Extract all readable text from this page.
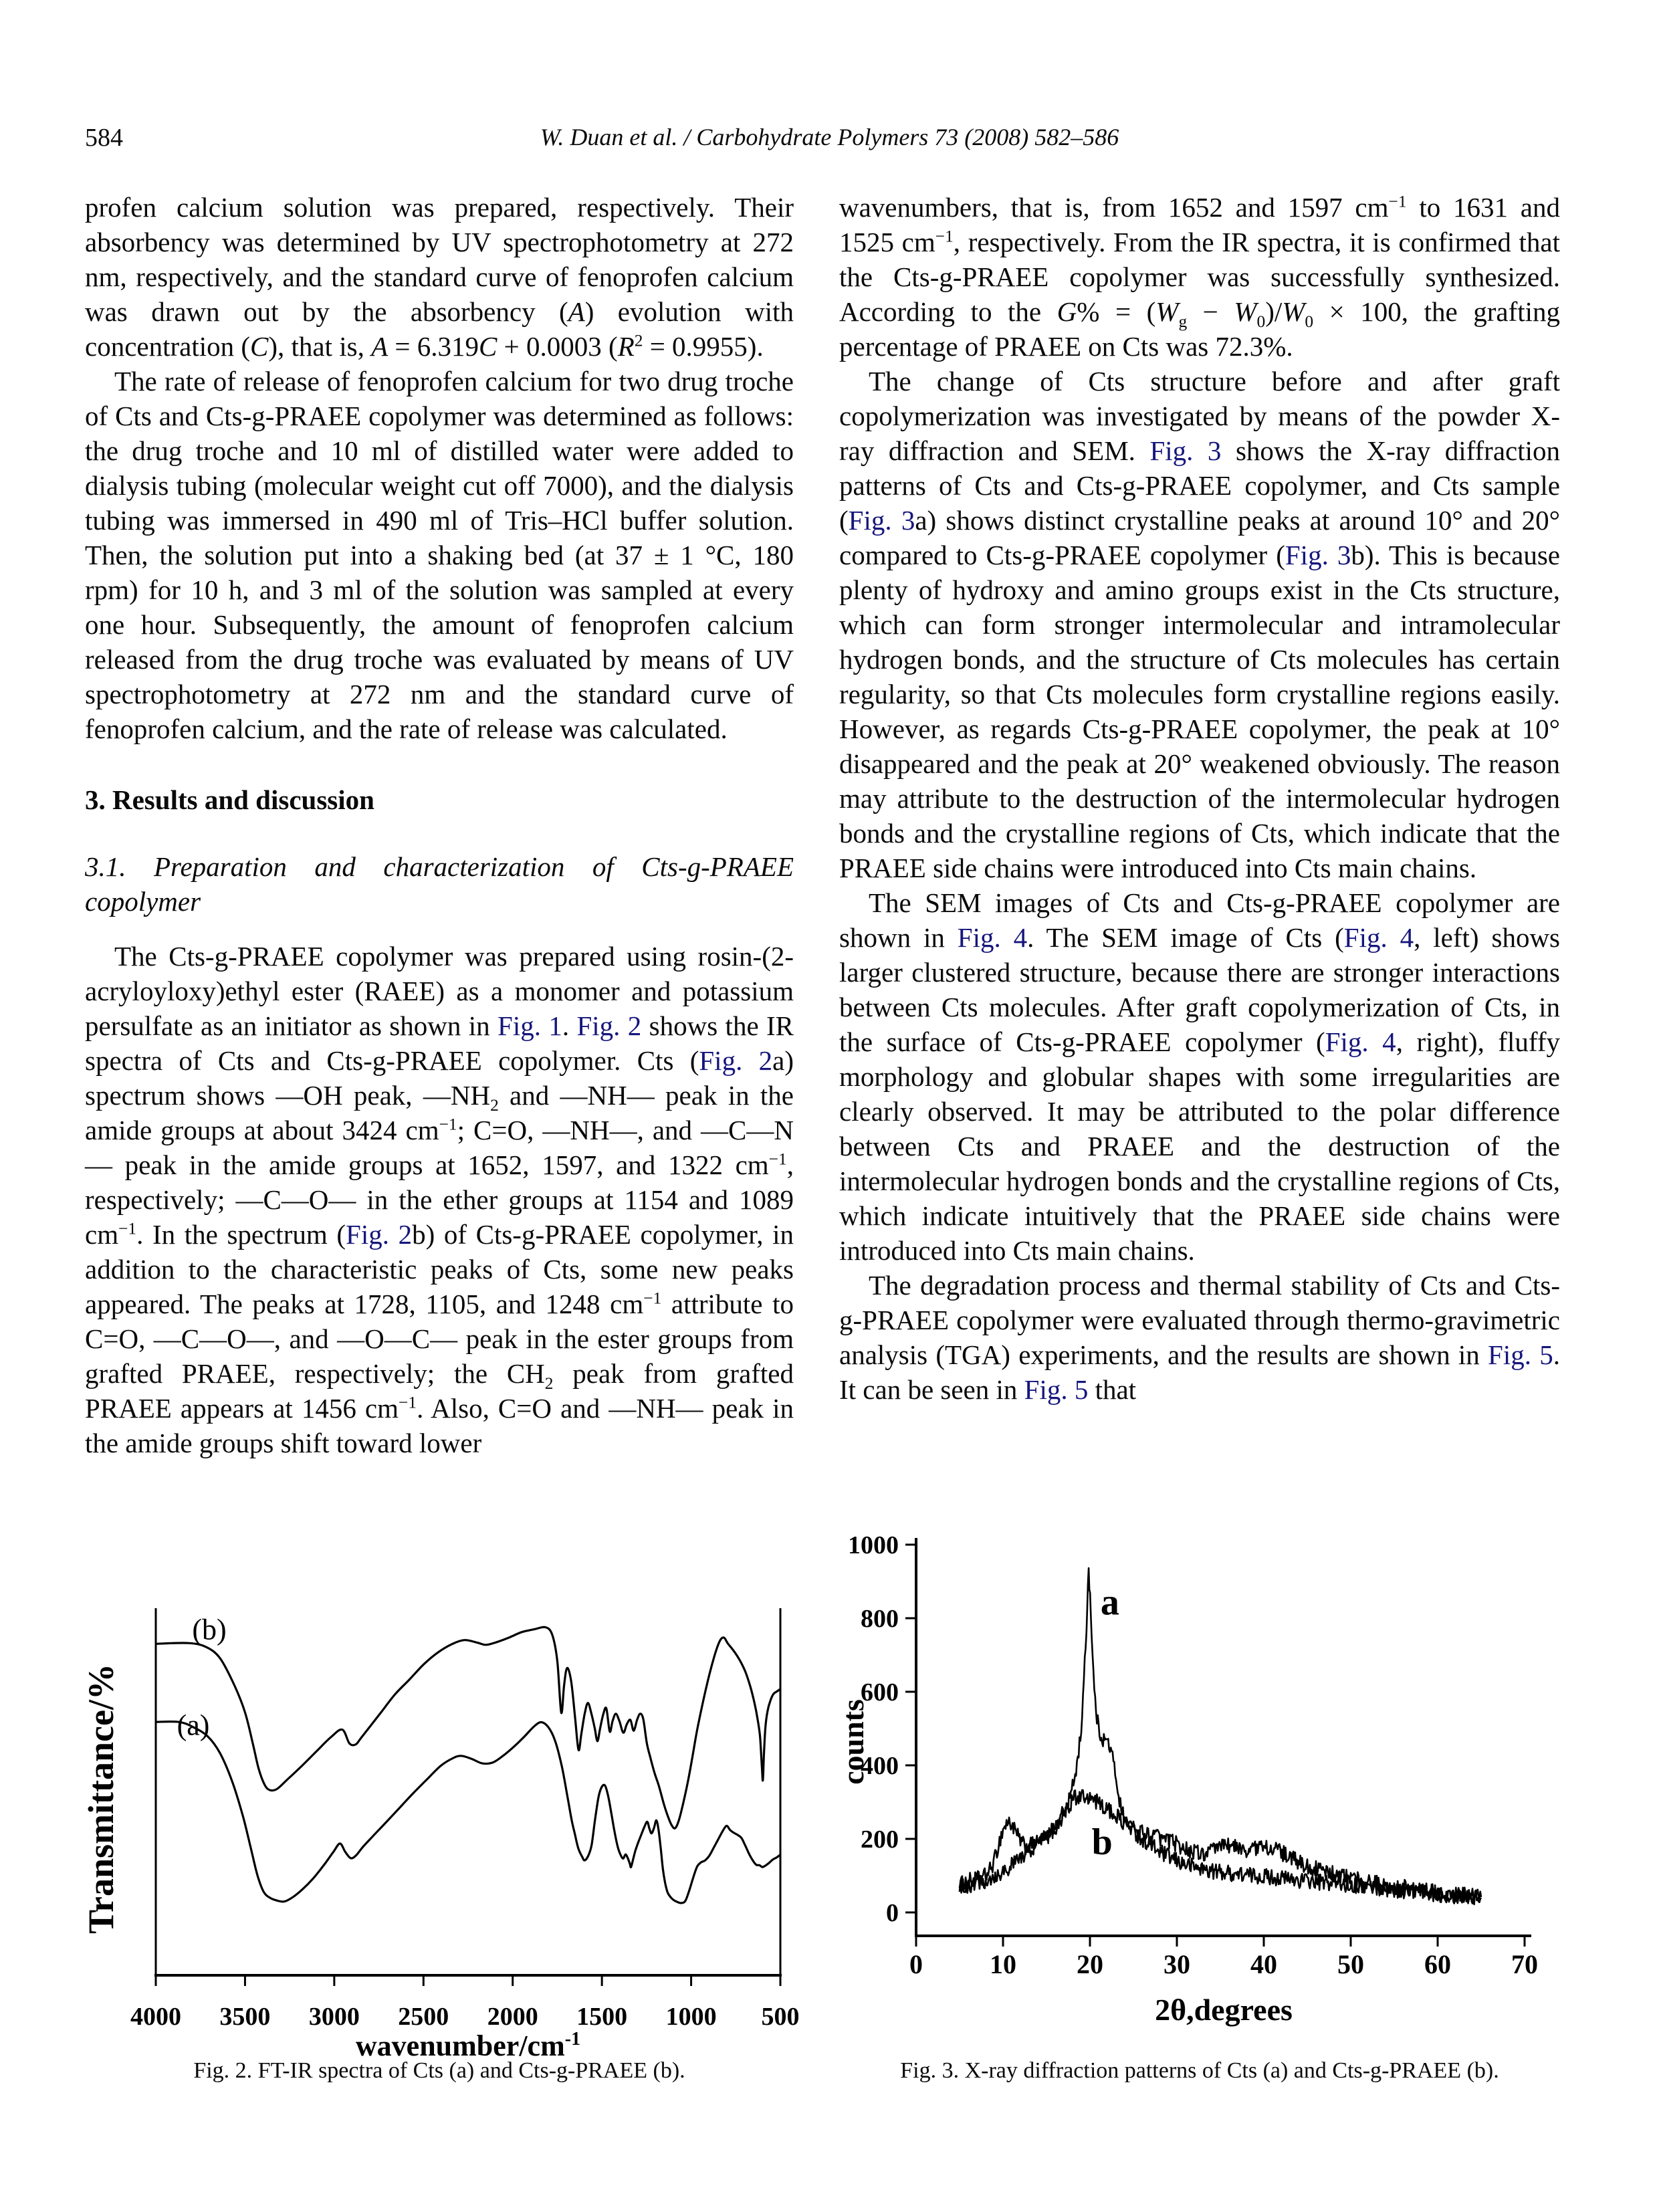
584	W. Duan et al. / Carbohydrate Polymers 73 (2008) 582–586

profen calcium solution was prepared, respectively. Their absorbency was determined by UV spectrophotometry at 272 nm, respectively, and the standard curve of fenoprofen calcium was drawn out by the absorbency (A) evolution with concentration (C), that is, A = 6.319C + 0.0003 $(R^2 = 0.9955)$.

The rate of release of fenoprofen calcium for two drug troche of Cts and Cts-g-PRAEE copolymer was determined as follows: the drug troche and 10 ml of distilled water were added to dialysis tubing (molecular weight cut off 7000), and the dialysis tubing was immersed in 490 ml of Tris–HCl buffer solution. Then, the solution put into a shaking bed (at 37 ± 1 °C, 180 rpm) for 10 h, and 3 ml of the solution was sampled at every one hour. Subsequently, the amount of fenoprofen calcium released from the drug troche was evaluated by means of UV spectrophotometry at 272 nm and the standard curve of fenoprofen calcium, and the rate of release was calculated.

3. Results and discussion
3.1. Preparation and characterization of Cts-g-PRAEE copolymer

The Cts-g-PRAEE copolymer was prepared using rosin-(2-acryloyloxy)ethyl ester (RAEE) as a monomer and potassium persulfate as an initiator as shown in Fig. 1. Fig. 2 shows the IR spectra of Cts and Cts-g-PRAEE copolymer. Cts (Fig. 2a) spectrum shows —OH peak, $—NH_2$ and —NH— peak in the amide groups at about 3424 $cm^{-1}$; C=O, —NH—, and —C—N— peak in the amide groups at 1652, 1597, and 1322 $cm^{-1}$, respectively; —C—O— in the ether groups at 1154 and 1089 $cm^{-1}$. In the spectrum (Fig. 2b) of Cts-g-PRAEE copolymer, in addition to the characteristic peaks of Cts, some new peaks appeared. The peaks at 1728, 1105, and 1248 $cm^{-1}$ attribute to C=O, —C—O—, and —O—C— peak in the ester groups from grafted PRAEE, respectively; the $CH_2$ peak from grafted PRAEE appears at 1456 $cm^{-1}$. Also, C=O and —NH— peak in the amide groups shift toward lower

wavenumbers, that is, from 1652 and 1597 $cm^{-1}$ to 1631 and 1525 $cm^{-1}$, respectively. From the IR spectra, it is confirmed that the Cts-g-PRAEE copolymer was successfully synthesized. According to the $G\% = (W_g - W_0)/W_0 \times 100$, the grafting percentage of PRAEE on Cts was 72.3%.

The change of Cts structure before and after graft copolymerization was investigated by means of the powder X-ray diffraction and SEM. Fig. 3 shows the X-ray diffraction patterns of Cts and Cts-g-PRAEE copolymer, and Cts sample (Fig. 3a) shows distinct crystalline peaks at around 10° and 20° compared to Cts-g-PRAEE copolymer (Fig. 3b). This is because plenty of hydroxy and amino groups exist in the Cts structure, which can form stronger intermolecular and intramolecular hydrogen bonds, and the structure of Cts molecules has certain regularity, so that Cts molecules form crystalline regions easily. However, as regards Cts-g-PRAEE copolymer, the peak at 10° disappeared and the peak at 20° weakened obviously. The reason may attribute to the destruction of the intermolecular hydrogen bonds and the crystalline regions of Cts, which indicate that the PRAEE side chains were introduced into Cts main chains.

The SEM images of Cts and Cts-g-PRAEE copolymer are shown in Fig. 4. The SEM image of Cts (Fig. 4, left) shows larger clustered structure, because there are stronger interactions between Cts molecules. After graft copolymerization of Cts, in the surface of Cts-g-PRAEE copolymer (Fig. 4, right), fluffy morphology and globular shapes with some irregularities are clearly observed. It may be attributed to the polar difference between Cts and PRAEE and the destruction of the intermolecular hydrogen bonds and the crystalline regions of Cts, which indicate intuitively that the PRAEE side chains were introduced into Cts main chains.

The degradation process and thermal stability of Cts and Cts-g-PRAEE copolymer were evaluated through thermo-gravimetric analysis (TGA) experiments, and the results are shown in Fig. 5. It can be seen in Fig. 5 that

4000 3500 3000 2500 2000 1500 1000 500
wavenumber/$cm^{-1}$
Transmittance/% (a)
(b)
Fig. 2. FT-IR spectra of Cts (a) and Cts-g-PRAEE (b).
0
200
400
600
800
1000
0	10 20 30 40 50 60 70
2θ,degrees
counts
a
b
Fig. 3. X-ray diffraction patterns of Cts (a) and Cts-g-PRAEE (b).
